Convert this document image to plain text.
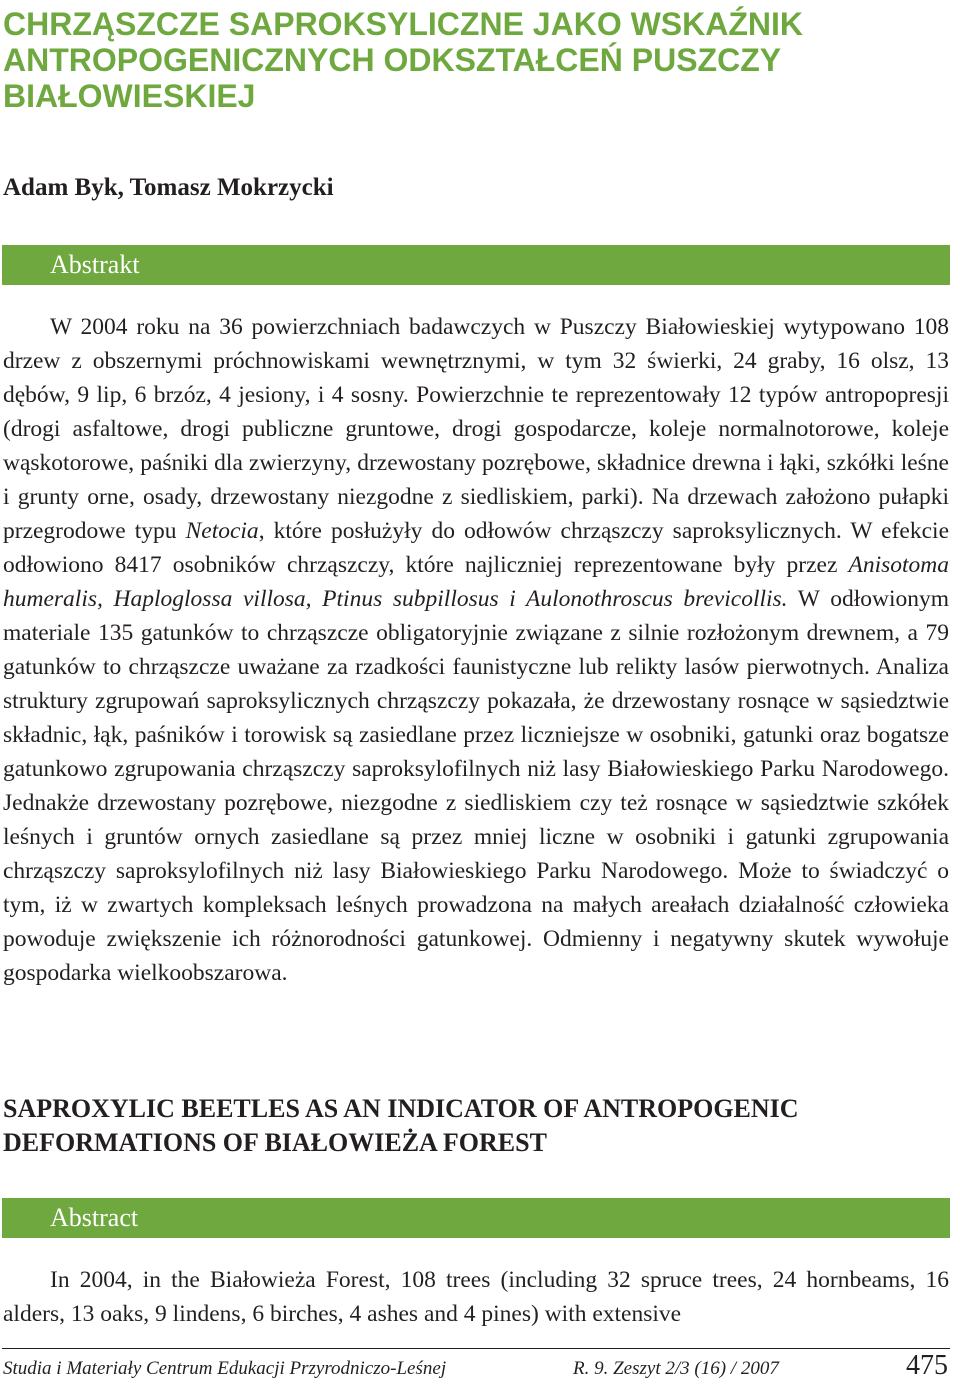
CHRZĄSZCZE SAPROKSYLICZNE JAKO WSKAŹNIK ANTROPOGENICZNYCH ODKSZTAŁCEŃ PUSZCZY BIAŁOWIESKIEJ

Adam Byk, Tomasz Mokrzycki

Abstrakt

W 2004 roku na 36 powierzchniach badawczych w Puszczy Białowieskiej wytypowano 108 drzew z obszernymi próchnowiskami wewnętrznymi, w tym 32 świerki, 24 graby, 16 olsz, 13 dębów, 9 lip, 6 brzóz, 4 jesiony, i 4 sosny. Powierzchnie te reprezentowały 12 typów antropopresji (drogi asfaltowe, drogi publiczne gruntowe, drogi gospodarcze, koleje normalnotorowe, koleje wąskotorowe, paśniki dla zwierzyny, drzewostany pozrębowe, składnice drewna i łąki, szkółki leśne i grunty orne, osady, drzewostany niezgodne z siedliskiem, parki). Na drzewach założono pułapki przegrodowe typu Netocia, które posłużyły do odłowów chrząszczy saproksylicznych. W efekcie odłowiono 8417 osobników chrząszczy, które najliczniej reprezentowane były przez Anisotoma humeralis, Haploglossa villosa, Ptinus subpillosus i Aulonothroscus brevicollis. W odłowionym materiale 135 gatunków to chrząszcze obligatoryjnie związane z silnie rozłożonym drewnem, a 79 gatunków to chrząszcze uważane za rzadkości faunistyczne lub relikty lasów pierwotnych. Analiza struktury zgrupowań saproksylicznych chrząszczy pokazała, że drzewostany rosnące w sąsiedztwie składnic, łąk, paśników i torowisk są zasiedlane przez liczniejsze w osobniki, gatunki oraz bogatsze gatunkowo zgrupowania chrząszczy saproksylofilnych niż lasy Białowieskiego Parku Narodowego. Jednakże drzewostany pozrębowe, niezgodne z siedliskiem czy też rosnące w sąsiedztwie szkółek leśnych i gruntów ornych zasiedlane są przez mniej liczne w osobniki i gatunki zgrupowania chrząszczy saproksylofilnych niż lasy Białowieskiego Parku Narodowego. Może to świadczyć o tym, iż w zwartych kompleksach leśnych prowadzona na małych areałach działalność człowieka powoduje zwiększenie ich różnorodności gatunkowej. Odmienny i negatywny skutek wywołuje gospodarka wielkoobszarowa.

SAPROXYLIC BEETLES AS AN INDICATOR OF ANTROPOGENIC DEFORMATIONS OF BIAŁOWIEŻA FOREST
Abstract

In 2004, in the Białowieża Forest, 108 trees (including 32 spruce trees, 24 hornbeams, 16 alders, 13 oaks, 9 lindens, 6 birches, 4 ashes and 4 pines) with extensive

Studia i Materiały Centrum Edukacji Przyrodniczo-Leśnej	R. 9. Zeszyt 2/3 (16) / 2007	475
